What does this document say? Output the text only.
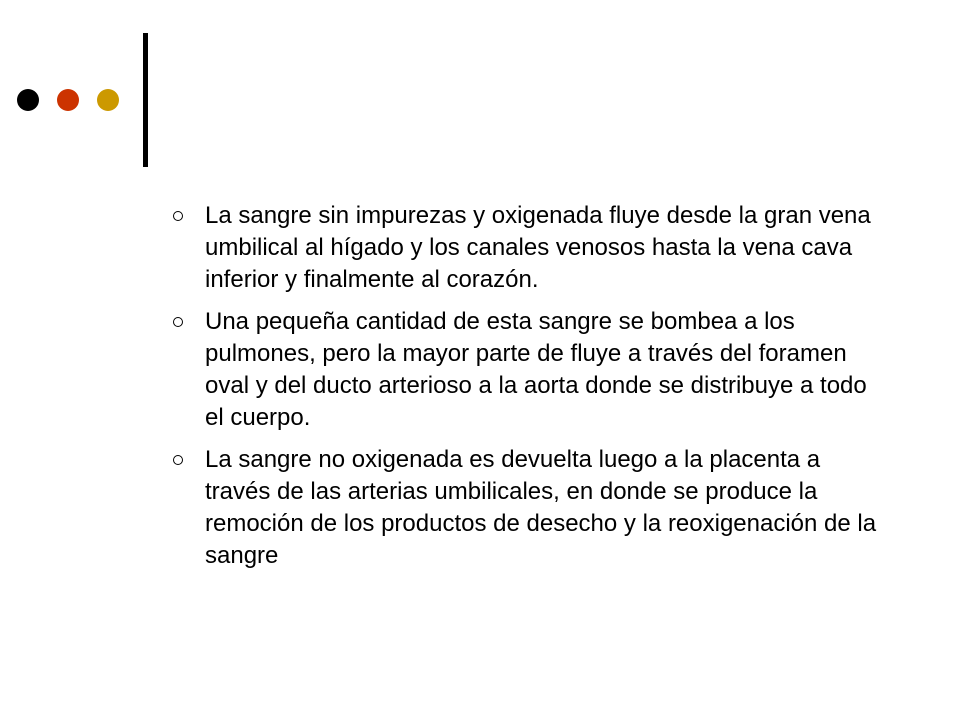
La sangre sin impurezas y oxigenada fluye desde la gran vena umbilical al hígado y los canales venosos hasta la vena cava inferior y finalmente al corazón.
Una pequeña cantidad de esta sangre se bombea a los pulmones, pero la mayor parte de fluye a través del foramen oval y del ducto arterioso a la aorta donde se distribuye a todo el cuerpo.
La sangre no oxigenada es devuelta luego a la placenta a través de las arterias umbilicales, en donde se produce la remoción de los productos de desecho y la reoxigenación de la sangre
